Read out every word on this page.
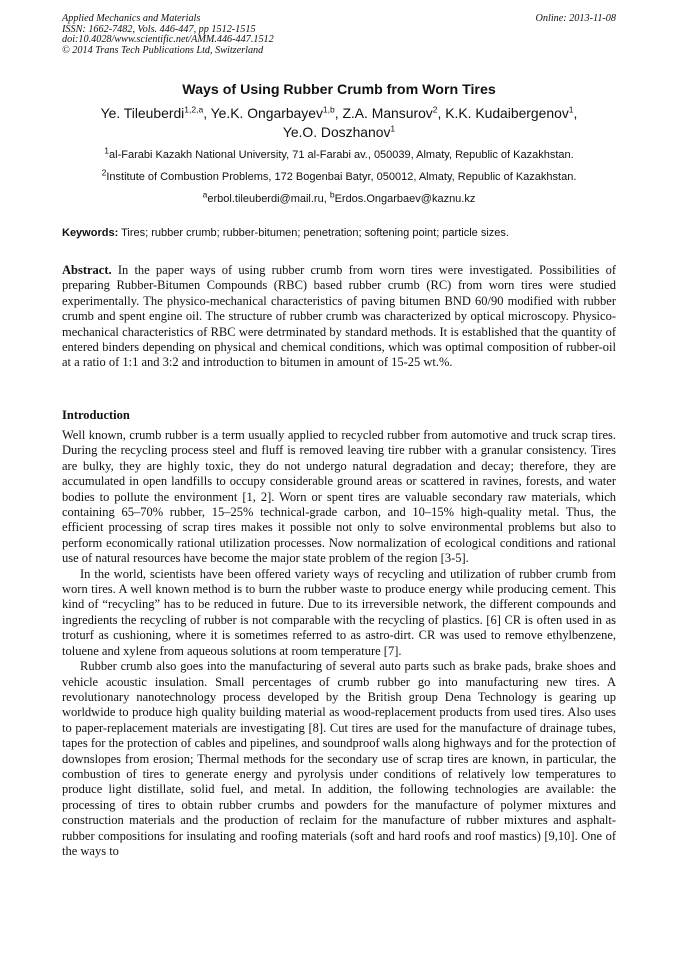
Applied Mechanics and Materials
ISSN: 1662-7482, Vols. 446-447, pp 1512-1515
doi:10.4028/www.scientific.net/AMM.446-447.1512
© 2014 Trans Tech Publications Ltd, Switzerland
Online: 2013-11-08
Ways of Using Rubber Crumb from Worn Tires
Ye. Tileuberdi$^{1,2,a}$, Ye.K. Ongarbayev$^{1,b}$, Z.A. Mansurov$^2$, K.K. Kudaibergenov$^1$,
Ye.O. Doszhanov$^1$
$^1$al-Farabi Kazakh National University, 71 al-Farabi av., 050039, Almaty, Republic of Kazakhstan.
$^2$Institute of Combustion Problems, 172 Bogenbai Batyr, 050012, Almaty, Republic of Kazakhstan.
$^a$erbol.tileuberdi@mail.ru, $^b$Erdos.Ongarbaev@kaznu.kz
Keywords: Tires; rubber crumb; rubber-bitumen; penetration; softening point; particle sizes.
Abstract. In the paper ways of using rubber crumb from worn tires were investigated. Possibilities of preparing Rubber-Bitumen Compounds (RBC) based rubber crumb (RC) from worn tires were studied experimentally. The physico-mechanical characteristics of paving bitumen BND 60/90 modified with rubber crumb and spent engine oil. The structure of rubber crumb was characterized by optical microscopy. Physico-mechanical characteristics of RBC were detrminated by standard methods. It is established that the quantity of entered binders depending on physical and chemical conditions, which was optimal composition of rubber-oil at a ratio of 1:1 and 3:2 and introduction to bitumen in amount of 15-25 wt.%.
Introduction

Well known, crumb rubber is a term usually applied to recycled rubber from automotive and truck scrap tires. During the recycling process steel and fluff is removed leaving tire rubber with a granular consistency. Tires are bulky, they are highly toxic, they do not undergo natural degradation and decay; therefore, they are accumulated in open landfills to occupy considerable ground areas or scattered in ravines, forests, and water bodies to pollute the environment [1, 2]. Worn or spent tires are valuable secondary raw materials, which containing 65–70% rubber, 15–25% technical-grade carbon, and 10–15% high-quality metal. Thus, the efficient processing of scrap tires makes it possible not only to solve environmental problems but also to perform economically rational utilization processes. Now normalization of ecological conditions and rational use of natural resources have become the major state problem of the region [3-5].

In the world, scientists have been offered variety ways of recycling and utilization of rubber crumb from worn tires. A well known method is to burn the rubber waste to produce energy while producing cement. This kind of “recycling” has to be reduced in future. Due to its irreversible network, the different compounds and ingredients the recycling of rubber is not comparable with the recycling of plastics. [6] CR is often used in as troturf as cushioning, where it is sometimes referred to as astro-dirt. CR was used to remove ethylbenzene, toluene and xylene from aqueous solutions at room temperature [7].

Rubber crumb also goes into the manufacturing of several auto parts such as brake pads, brake shoes and vehicle acoustic insulation. Small percentages of crumb rubber go into manufacturing new tires. A revolutionary nanotechnology process developed by the British group Dena Technology is gearing up worldwide to produce high quality building material as wood-replacement products from used tires. Also uses to paper-replacement materials are investigating [8]. Cut tires are used for the manufacture of drainage tubes, tapes for the protection of cables and pipelines, and soundproof walls along highways and for the protection of downslopes from erosion; Thermal methods for the secondary use of scrap tires are known, in particular, the combustion of tires to generate energy and pyrolysis under conditions of relatively low temperatures to produce light distillate, solid fuel, and metal. In addition, the following technologies are available: the processing of tires to obtain rubber crumbs and powders for the manufacture of polymer mixtures and construction materials and the production of reclaim for the manufacture of rubber mixtures and asphalt-rubber compositions for insulating and roofing materials (soft and hard roofs and roof mastics) [9,10]. One of the ways to
